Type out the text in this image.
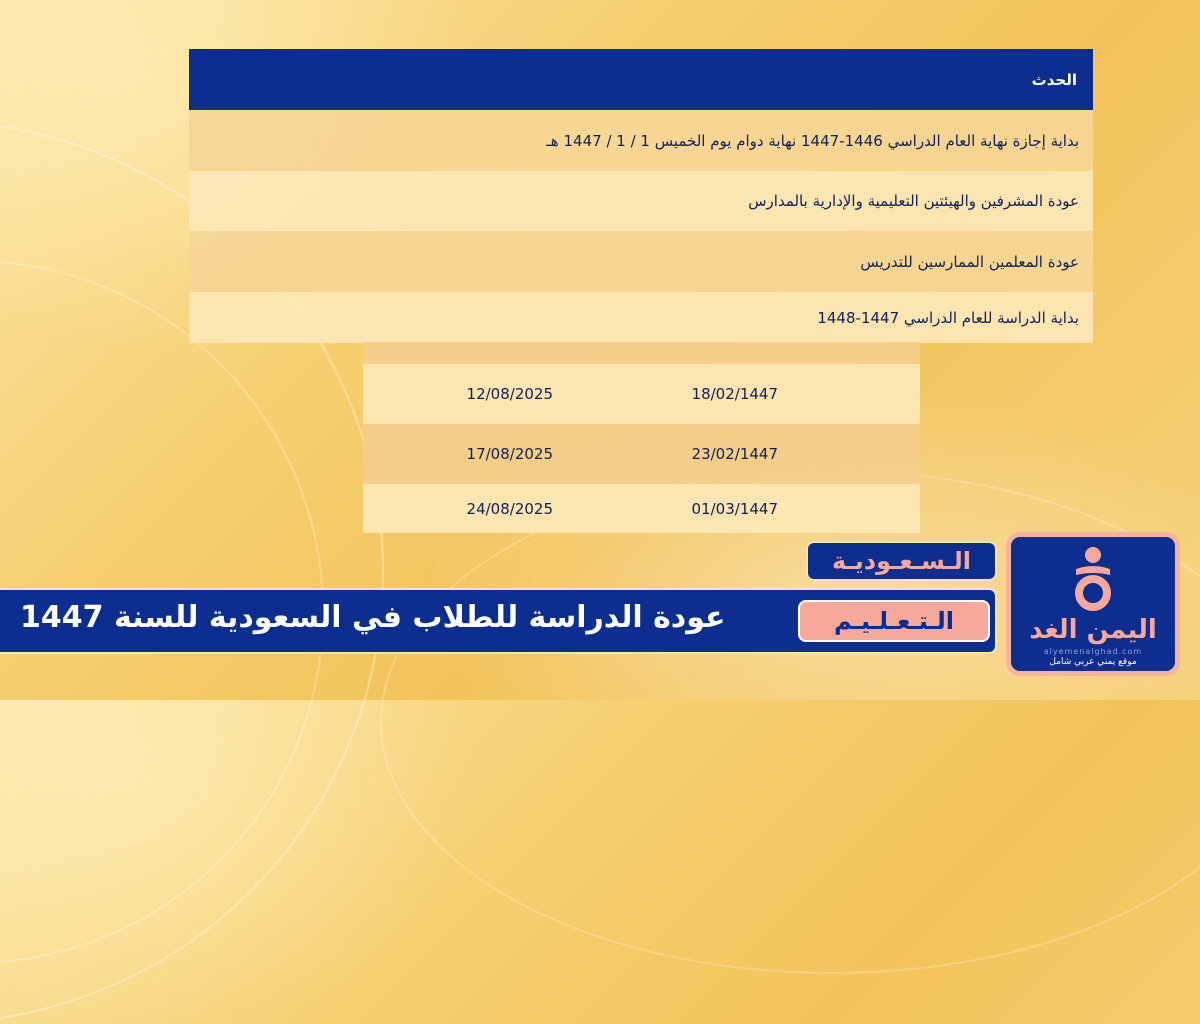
الحدث
بداية إجازة نهاية العام الدراسي 1446-1447 نهاية دوام يوم الخميس 1 / 1 / 1447 هـ
عودة المشرفين والهيئتين التعليمية والإدارية بالمدارس
عودة المعلمين الممارسين للتدريس
بداية الدراسة للعام الدراسي 1447-1448
12/08/2025	18/02/1447
17/08/2025	23/02/1447
24/08/2025	01/03/1447
الـسـعـوديـة
عودة الدراسة للطلاب في السعودية للسنة 1447	الـتـعـلـيـم	اليمن الغد
alyemenalghad.com
موقع يمني عربي شامل
